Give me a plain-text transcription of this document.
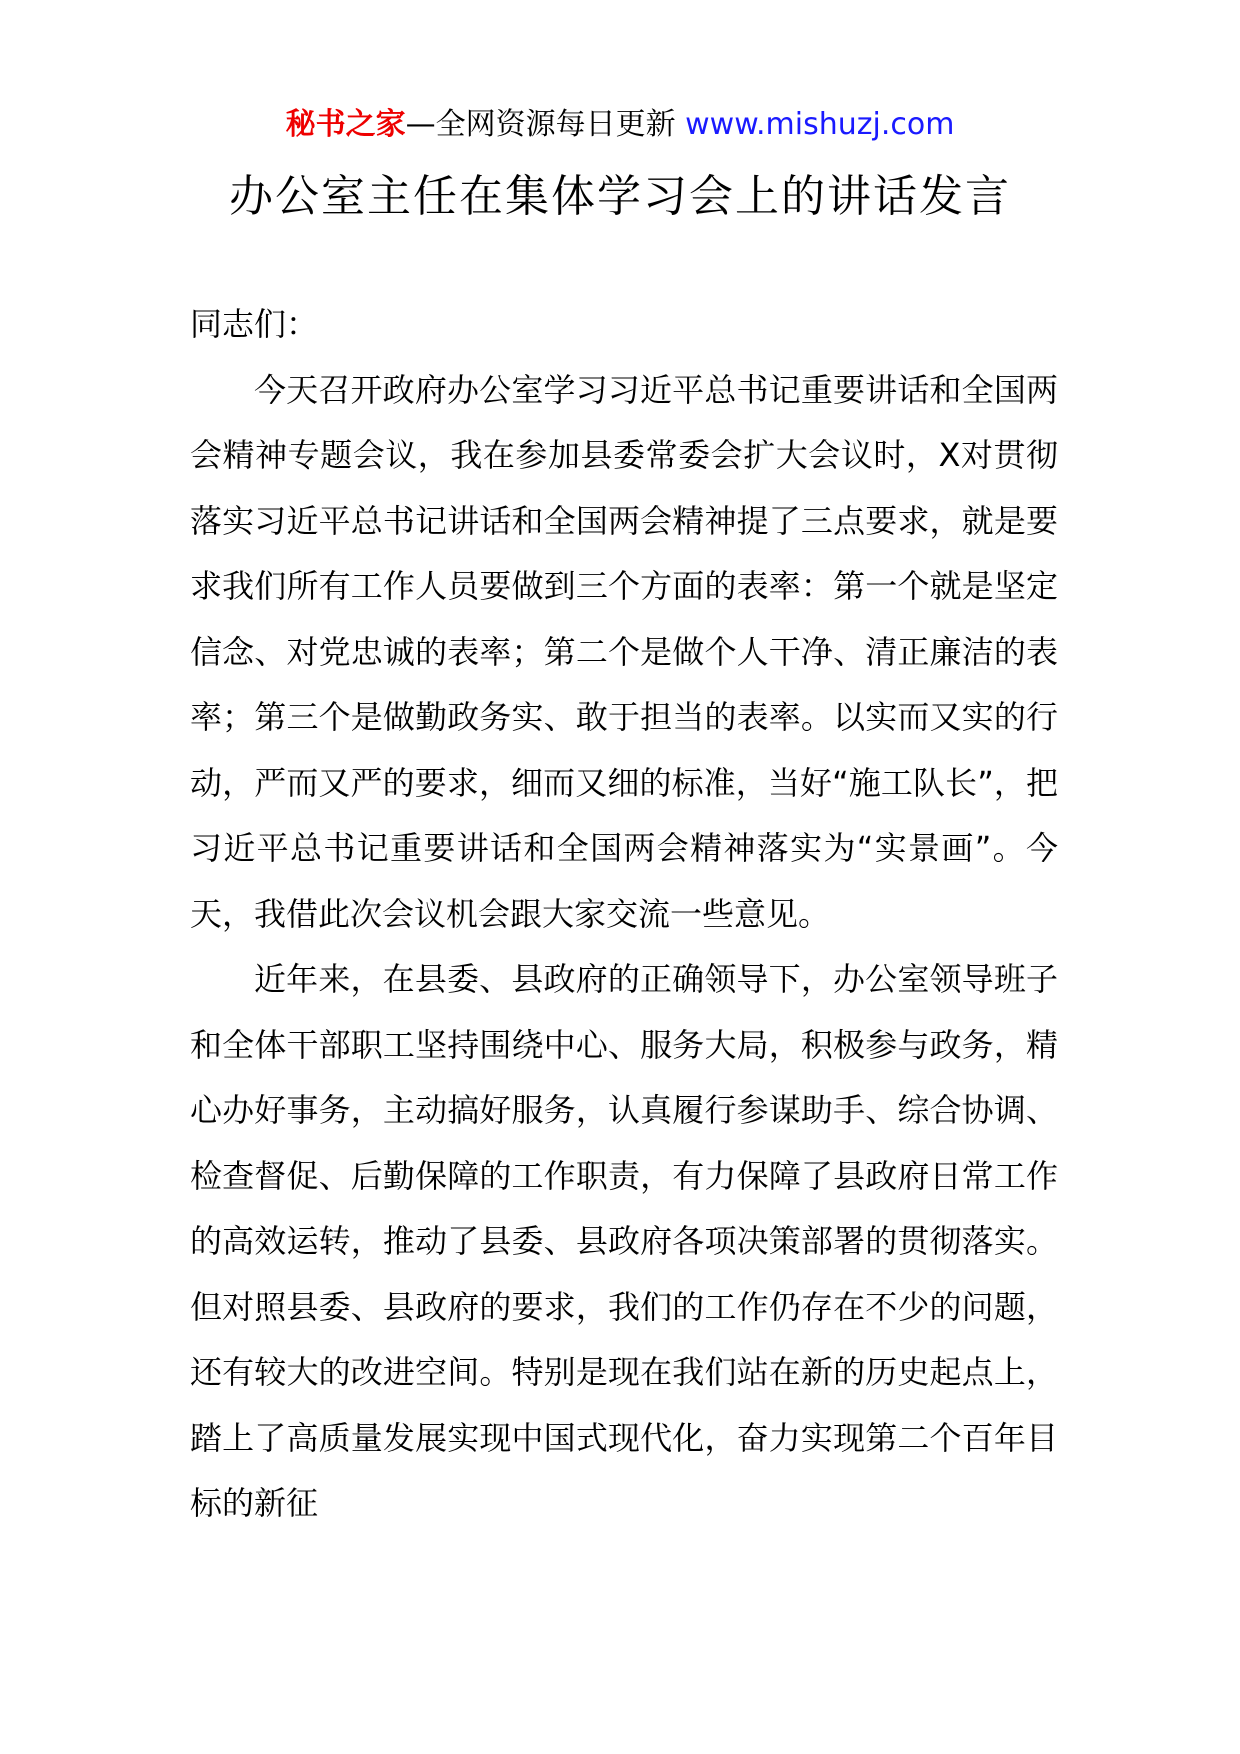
秘书之家—全网资源每日更新 www.mishuzj.com
办公室主任在集体学习会上的讲话发言

同志们：

今天召开政府办公室学习习近平总书记重要讲话和全国两会精神专题会议，我在参加县委常委会扩大会议时，X对贯彻落实习近平总书记讲话和全国两会精神提了三点要求，就是要求我们所有工作人员要做到三个方面的表率：第一个就是坚定信念、对党忠诚的表率；第二个是做个人干净、清正廉洁的表率；第三个是做勤政务实、敢于担当的表率。以实而又实的行动，严而又严的要求，细而又细的标准，当好“施工队长”，把习近平总书记重要讲话和全国两会精神落实为“实景画”。今天，我借此次会议机会跟大家交流一些意见。

近年来，在县委、县政府的正确领导下，办公室领导班子和全体干部职工坚持围绕中心、服务大局，积极参与政务，精心办好事务，主动搞好服务，认真履行参谋助手、综合协调、检查督促、后勤保障的工作职责，有力保障了县政府日常工作的高效运转，推动了县委、县政府各项决策部署的贯彻落实。但对照县委、县政府的要求，我们的工作仍存在不少的问题，还有较大的改进空间。特别是现在我们站在新的历史起点上，踏上了高质量发展实现中国式现代化，奋力实现第二个百年目标的新征
